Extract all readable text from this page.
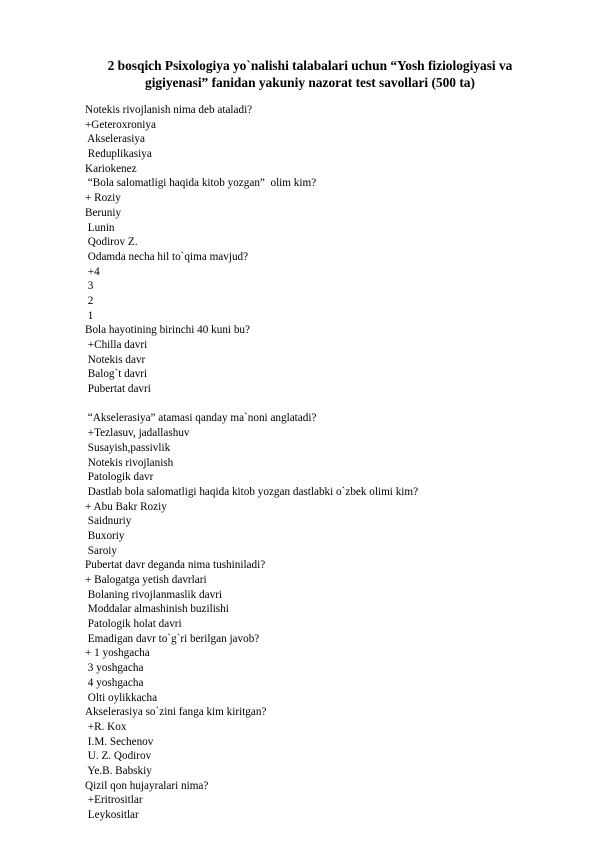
2 bosqich Psixologiya yo`nalishi talabalari uchun “Yosh fiziologiyasi va
gigiyenasi” fanidan yakuniy nazorat test savollari (500 ta)
Notekis rivojlanish nima deb ataladi?
+Geteroxroniya
Akselerasiya
Reduplikasiya
Kariokenez
“Bola salomatligi haqida kitob yozgan”  olim kim?
+ Roziy
Beruniy
Lunin
Qodirov Z.
Odamda necha hil to`qima mavjud?
+4
3
2
1
Bola hayotining birinchi 40 kuni bu?
+Chilla davri
Notekis davr
Balog`t davri
Pubertat davri
“Akselerasiya” atamasi qanday ma`noni anglatadi?
+Tezlasuv, jadallashuv
Susayish,passivlik
Notekis rivojlanish
Patologik davr
Dastlab bola salomatligi haqida kitob yozgan dastlabki o`zbek olimi kim?
+ Abu Bakr Roziy
Saidnuriy
Buxoriy
Saroiy
Pubertat davr deganda nima tushiniladi?
+ Balogatga yetish davrlari
Bolaning rivojlanmaslik davri
Moddalar almashinish buzilishi
Patologik holat davri
Emadigan davr to`g`ri berilgan javob?
+ 1 yoshgacha
3 yoshgacha
4 yoshgacha
Olti oylikkacha
Akselerasiya so`zini fanga kim kiritgan?
+R. Kox
I.M. Sechenov
U. Z. Qodirov
Ye.B. Babskiy
Qizil qon hujayralari nima?
+Eritrositlar
Leykositlar
